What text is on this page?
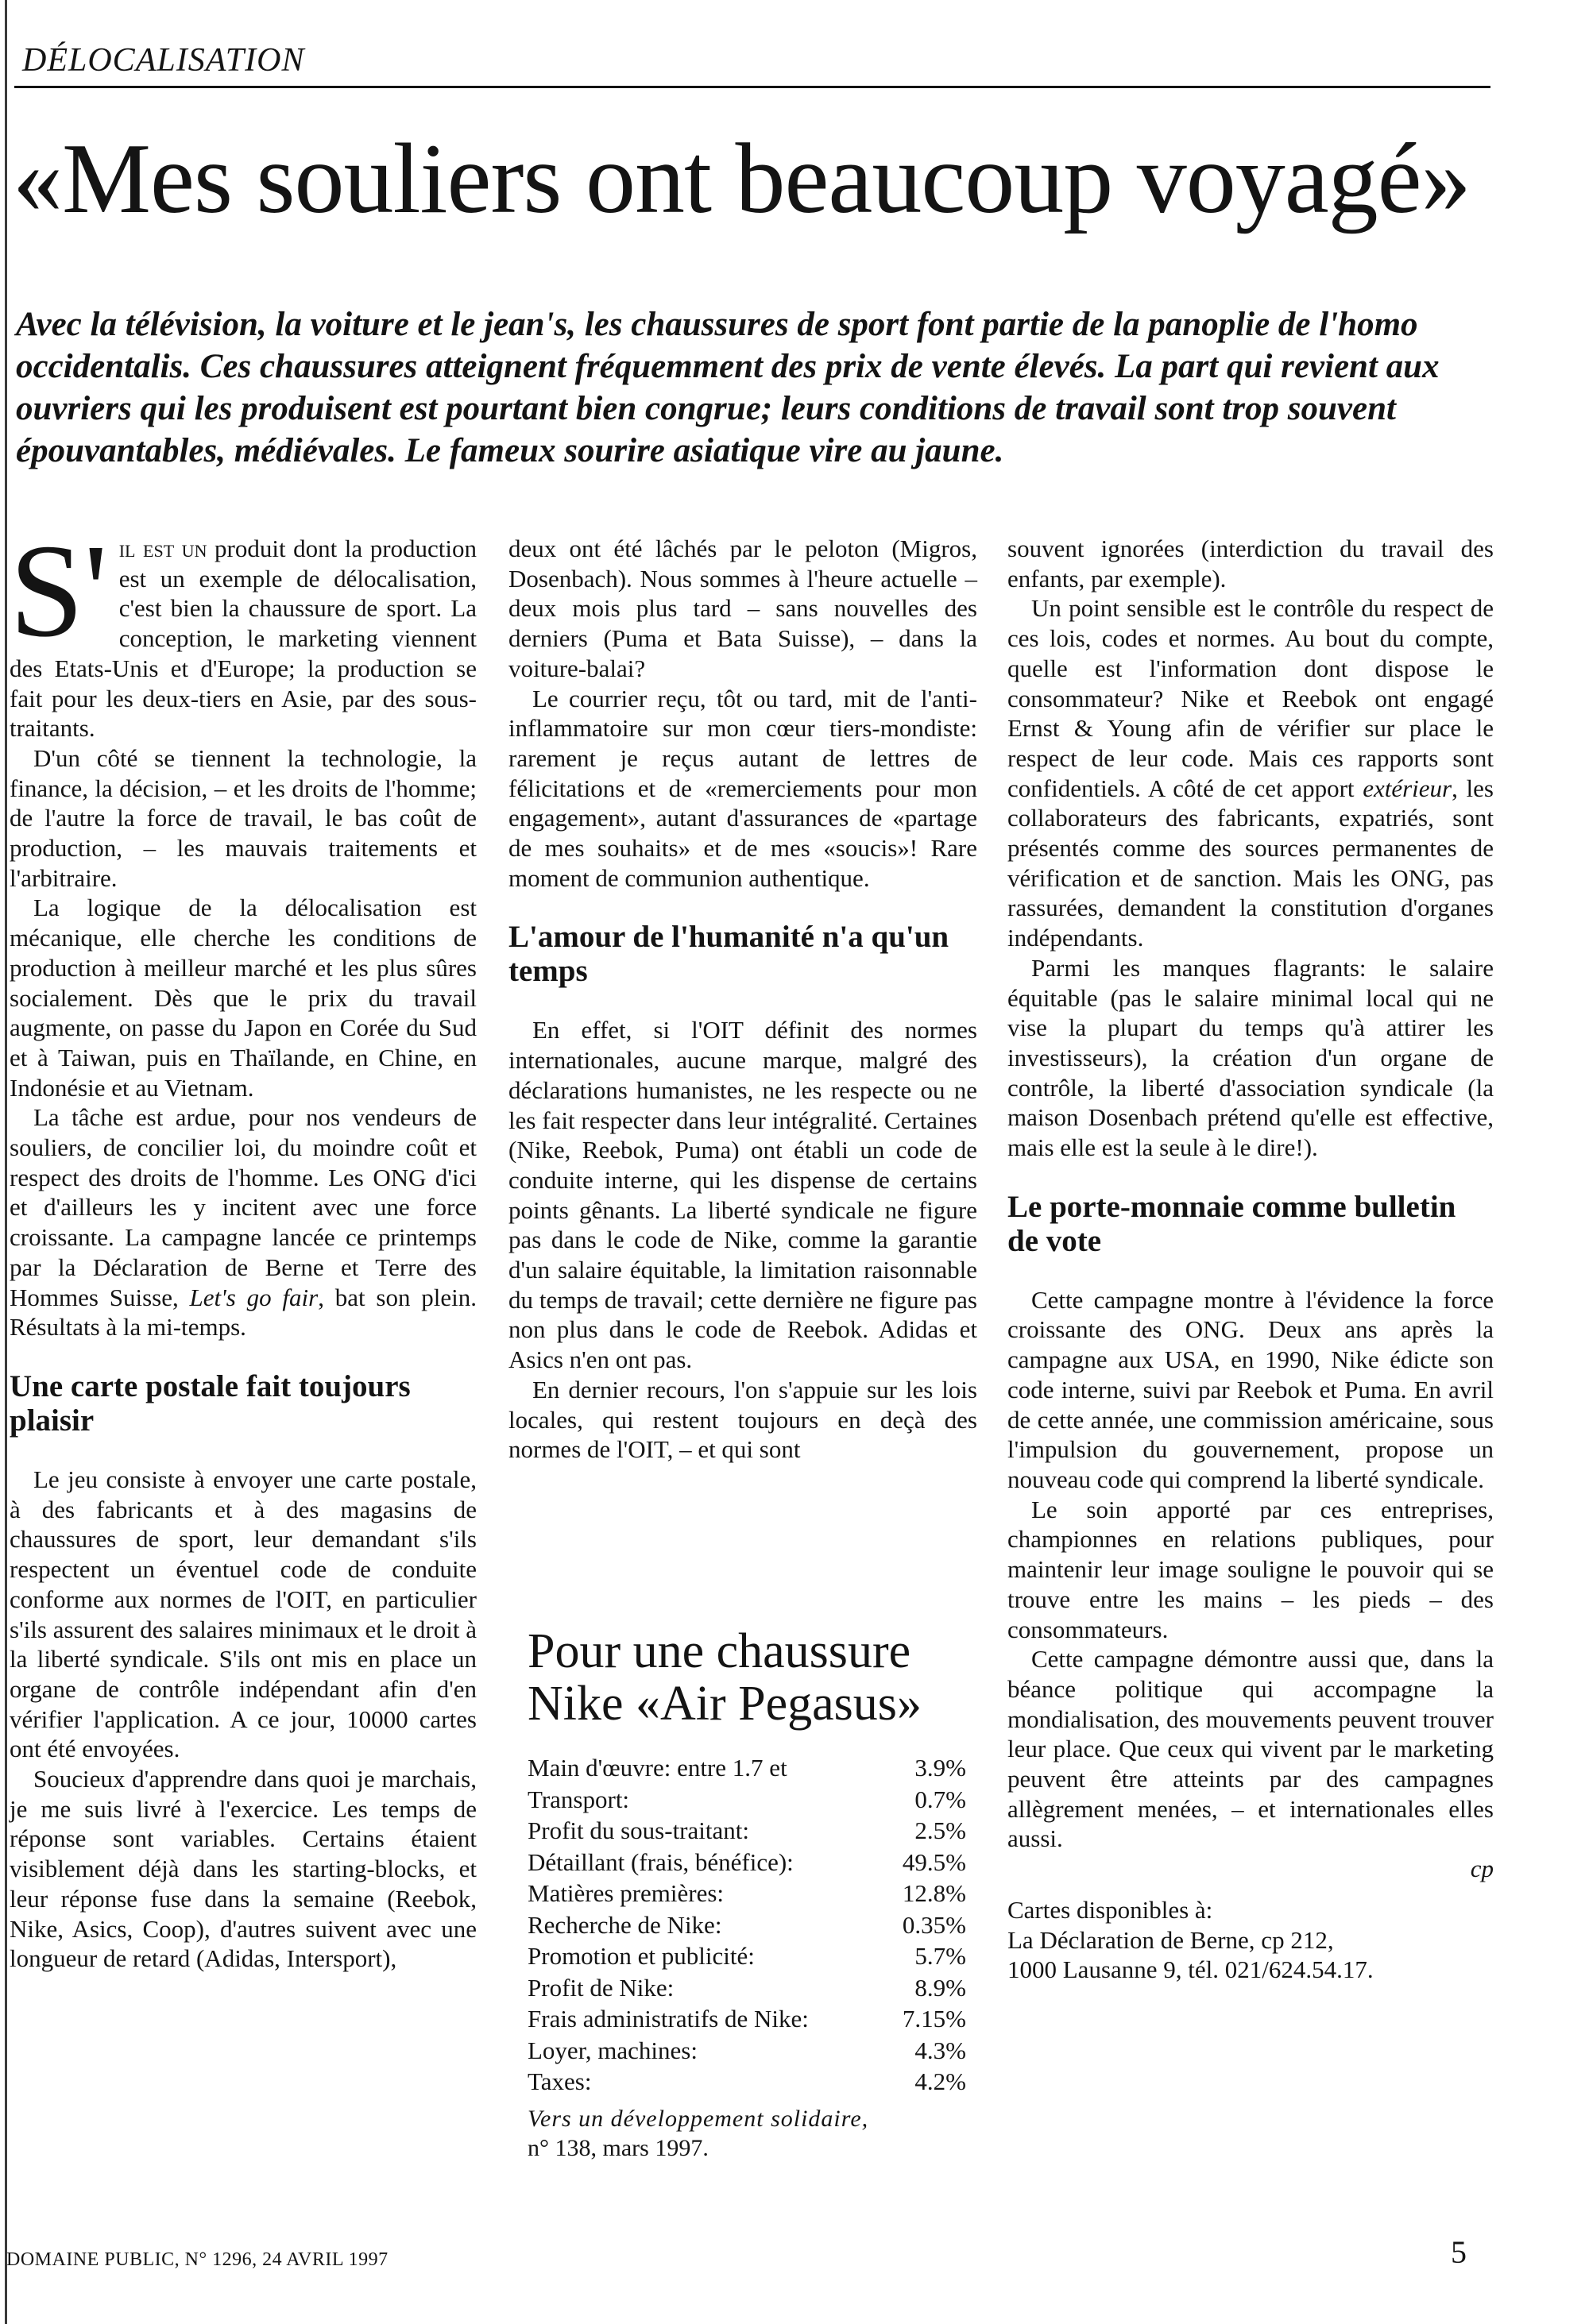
DÉLOCALISATION
«Mes souliers ont beaucoup voyagé»
Avec la télévision, la voiture et le jean's, les chaussures de sport font partie de la panoplie de l'homo occidentalis. Ces chaussures atteignent fréquemment des prix de vente élevés. La part qui revient aux ouvriers qui les produisent est pourtant bien congrue; leurs conditions de travail sont trop souvent épouvantables, médiévales. Le fameux sourire asiatique vire au jaune.

S' il est un produit dont la production est un exemple de délocalisation, c'est bien la chaussure de sport. La conception, le marketing viennent des Etats-Unis et d'Europe; la production se fait pour les deux-tiers en Asie, par des sous-traitants.

D'un côté se tiennent la technologie, la finance, la décision, – et les droits de l'homme; de l'autre la force de travail, le bas coût de production, – les mauvais traitements et l'arbitraire.

La logique de la délocalisation est mécanique, elle cherche les conditions de production à meilleur marché et les plus sûres socialement. Dès que le prix du travail augmente, on passe du Japon en Corée du Sud et à Taiwan, puis en Thaïlande, en Chine, en Indonésie et au Vietnam.

La tâche est ardue, pour nos vendeurs de souliers, de concilier loi, du moindre coût et respect des droits de l'homme. Les ONG d'ici et d'ailleurs les y incitent avec une force croissante. La campagne lancée ce printemps par la Déclaration de Berne et Terre des Hommes Suisse, Let's go fair, bat son plein. Résultats à la mi-temps.

Une carte postale fait toujours plaisir

Le jeu consiste à envoyer une carte postale, à des fabricants et à des magasins de chaussures de sport, leur demandant s'ils respectent un éventuel code de conduite conforme aux normes de l'OIT, en particulier s'ils assurent des salaires minimaux et le droit à la liberté syndicale. S'ils ont mis en place un organe de contrôle indépendant afin d'en vérifier l'application. A ce jour, 10000 cartes ont été envoyées.

Soucieux d'apprendre dans quoi je marchais, je me suis livré à l'exercice. Les temps de réponse sont variables. Certains étaient visiblement déjà dans les starting-blocks, et leur réponse fuse dans la semaine (Reebok, Nike, Asics, Coop), d'autres suivent avec une longueur de retard (Adidas, Intersport),

deux ont été lâchés par le peloton (Migros, Dosenbach). Nous sommes à l'heure actuelle – deux mois plus tard – sans nouvelles des derniers (Puma et Bata Suisse), – dans la voiture-balai?

Le courrier reçu, tôt ou tard, mit de l'anti-inflammatoire sur mon cœur tiers-mondiste: rarement je reçus autant de lettres de félicitations et de «remerciements pour mon engagement», autant d'assurances de «partage de mes souhaits» et de mes «soucis»! Rare moment de communion authentique.

L'amour de l'humanité n'a qu'un temps

En effet, si l'OIT définit des normes internationales, aucune marque, malgré des déclarations humanistes, ne les respecte ou ne les fait respecter dans leur intégralité. Certaines (Nike, Reebok, Puma) ont établi un code de conduite interne, qui les dispense de certains points gênants. La liberté syndicale ne figure pas dans le code de Nike, comme la garantie d'un salaire équitable, la limitation raisonnable du temps de travail; cette dernière ne figure pas non plus dans le code de Reebok. Adidas et Asics n'en ont pas.

En dernier recours, l'on s'appuie sur les lois locales, qui restent toujours en deçà des normes de l'OIT, – et qui sont

Pour une chaussure Nike «Air Pegasus»
Main d'œuvre: entre 1.7 et	3.9%
Transport:	0.7%
Profit du sous-traitant:	2.5%
Détaillant (frais, bénéfice):	49.5%
Matières premières:	12.8%
Recherche de Nike:	0.35%
Promotion et publicité:	5.7%
Profit de Nike:	8.9%
Frais administratifs de Nike:	7.15%
Loyer, machines:	4.3%
Taxes:	4.2%
Vers un développement solidaire,
n° 138, mars 1997.

souvent ignorées (interdiction du travail des enfants, par exemple).

Un point sensible est le contrôle du respect de ces lois, codes et normes. Au bout du compte, quelle est l'information dont dispose le consommateur? Nike et Reebok ont engagé Ernst & Young afin de vérifier sur place le respect de leur code. Mais ces rapports sont confidentiels. A côté de cet apport extérieur, les collaborateurs des fabricants, expatriés, sont présentés comme des sources permanentes de vérification et de sanction. Mais les ONG, pas rassurées, demandent la constitution d'organes indépendants.

Parmi les manques flagrants: le salaire équitable (pas le salaire minimal local qui ne vise la plupart du temps qu'à attirer les investisseurs), la création d'un organe de contrôle, la liberté d'association syndicale (la maison Dosenbach prétend qu'elle est effective, mais elle est la seule à le dire!).

Le porte-monnaie comme bulletin de vote

Cette campagne montre à l'évidence la force croissante des ONG. Deux ans après la campagne aux USA, en 1990, Nike édicte son code interne, suivi par Reebok et Puma. En avril de cette année, une commission américaine, sous l'impulsion du gouvernement, propose un nouveau code qui comprend la liberté syndicale.

Le soin apporté par ces entreprises, championnes en relations publiques, pour maintenir leur image souligne le pouvoir qui se trouve entre les mains – les pieds – des consommateurs.

Cette campagne démontre aussi que, dans la béance politique qui accompagne la mondialisation, des mouvements peuvent trouver leur place. Que ceux qui vivent par le marketing peuvent être atteints par des campagnes allègrement menées, – et internationales elles aussi.

cp
Cartes disponibles à:
La Déclaration de Berne, cp 212,
1000 Lausanne 9, tél. 021/624.54.17.
DOMAINE PUBLIC, N° 1296, 24 AVRIL 1997	5
